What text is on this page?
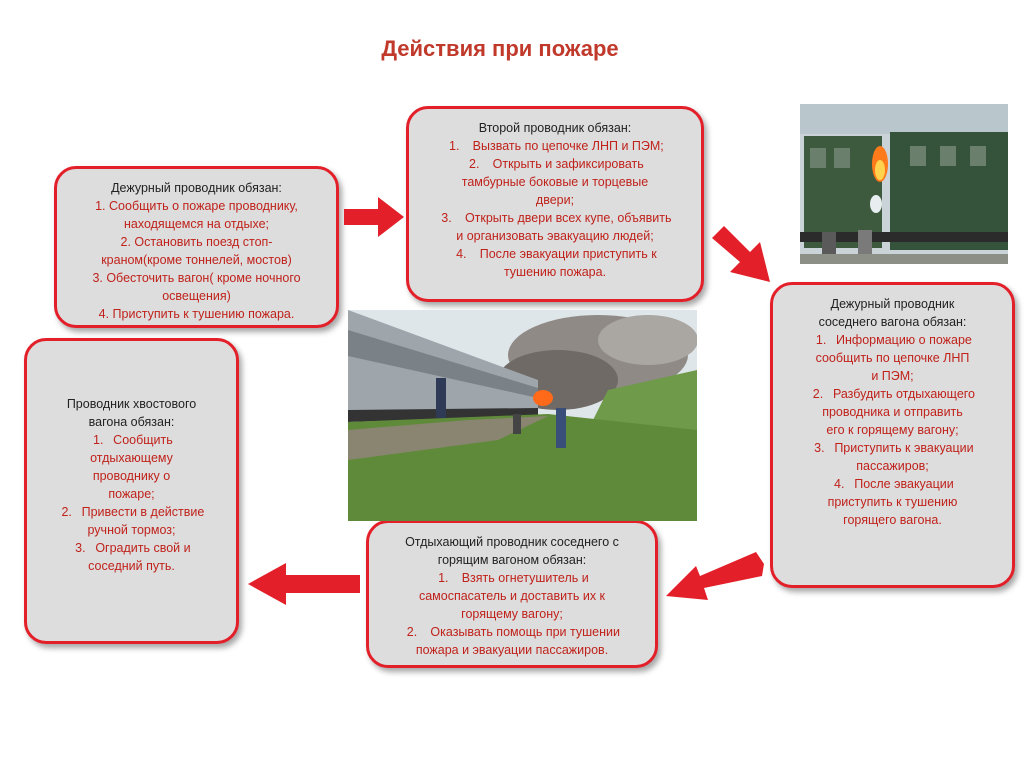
Действия при пожаре
Дежурный проводник обязан:
1. Сообщить о пожаре проводнику,
находящемся на отдыхе;
2. Остановить поезд стоп-
краном(кроме тоннелей, мостов)
3. Обесточить вагон( кроме ночного
освещения)
4. Приступить к тушению пожара.
Второй проводник обязан:
1. Вызвать по цепочке ЛНП и ПЭМ;
2. Открыть и зафиксировать
тамбурные боковые и торцевые
двери;
3. Открыть двери всех купе, объявить
и организовать эвакуацию людей;
4. После эвакуации приступить к
тушению пожара.
Дежурный проводник
соседнего вагона обязан:
1. Информацию о пожаре
сообщить по цепочке ЛНП
и ПЭМ;
2. Разбудить отдыхающего
проводника и отправить
его к горящему вагону;
3. Приступить к эвакуации
пассажиров;
4. После эвакуации
приступить к тушению
горящего вагона.
Отдыхающий проводник соседнего с
горящим вагоном обязан:
1. Взять огнетушитель и
самоспасатель и доставить их к
горящему вагону;
2. Оказывать помощь при тушении
пожара и эвакуации пассажиров.
Проводник хвостового
вагона обязан:
1. Сообщить
отдыхающему
проводнику о
пожаре;
2. Привести в действие
ручной тормоз;
3. Оградить свой и
соседний путь.
